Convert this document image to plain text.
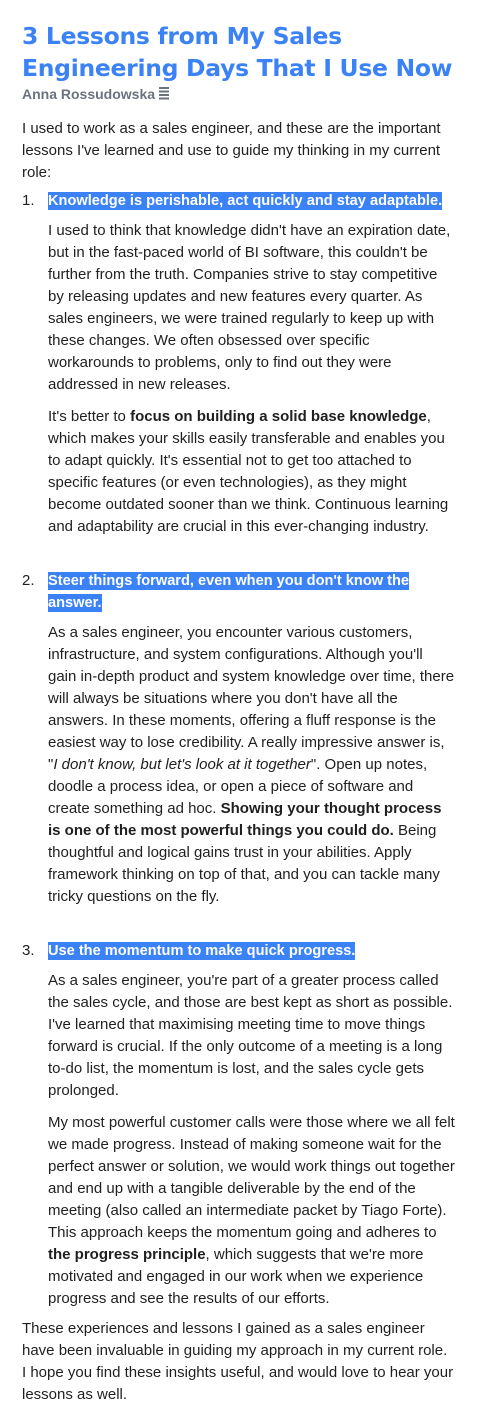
3 Lessons from My Sales Engineering Days That I Use Now
Anna Rossudowska

I used to work as a sales engineer, and these are the important lessons I've learned and use to guide my thinking in my current role:

1. Knowledge is perishable, act quickly and stay adaptable.

I used to think that knowledge didn't have an expiration date, but in the fast-paced world of BI software, this couldn't be further from the truth. Companies strive to stay competitive by releasing updates and new features every quarter. As sales engineers, we were trained regularly to keep up with these changes. We often obsessed over specific workarounds to problems, only to find out they were addressed in new releases.

It's better to focus on building a solid base knowledge, which makes your skills easily transferable and enables you to adapt quickly. It's essential not to get too attached to specific features (or even technologies), as they might become outdated sooner than we think. Continuous learning and adaptability are crucial in this ever-changing industry.

2. Steer things forward, even when you don't know the answer.

As a sales engineer, you encounter various customers, infrastructure, and system configurations. Although you'll gain in-depth product and system knowledge over time, there will always be situations where you don't have all the answers. In these moments, offering a fluff response is the easiest way to lose credibility. A really impressive answer is, "I don't know, but let's look at it together". Open up notes, doodle a process idea, or open a piece of software and create something ad hoc. Showing your thought process is one of the most powerful things you could do. Being thoughtful and logical gains trust in your abilities. Apply framework thinking on top of that, and you can tackle many tricky questions on the fly.

3. Use the momentum to make quick progress.

As a sales engineer, you're part of a greater process called the sales cycle, and those are best kept as short as possible. I've learned that maximising meeting time to move things forward is crucial. If the only outcome of a meeting is a long to-do list, the momentum is lost, and the sales cycle gets prolonged.

My most powerful customer calls were those where we all felt we made progress. Instead of making someone wait for the perfect answer or solution, we would work things out together and end up with a tangible deliverable by the end of the meeting (also called an intermediate packet by Tiago Forte). This approach keeps the momentum going and adheres to the progress principle, which suggests that we're more motivated and engaged in our work when we experience progress and see the results of our efforts.

These experiences and lessons I gained as a sales engineer have been invaluable in guiding my approach in my current role. I hope you find these insights useful, and would love to hear your lessons as well.
